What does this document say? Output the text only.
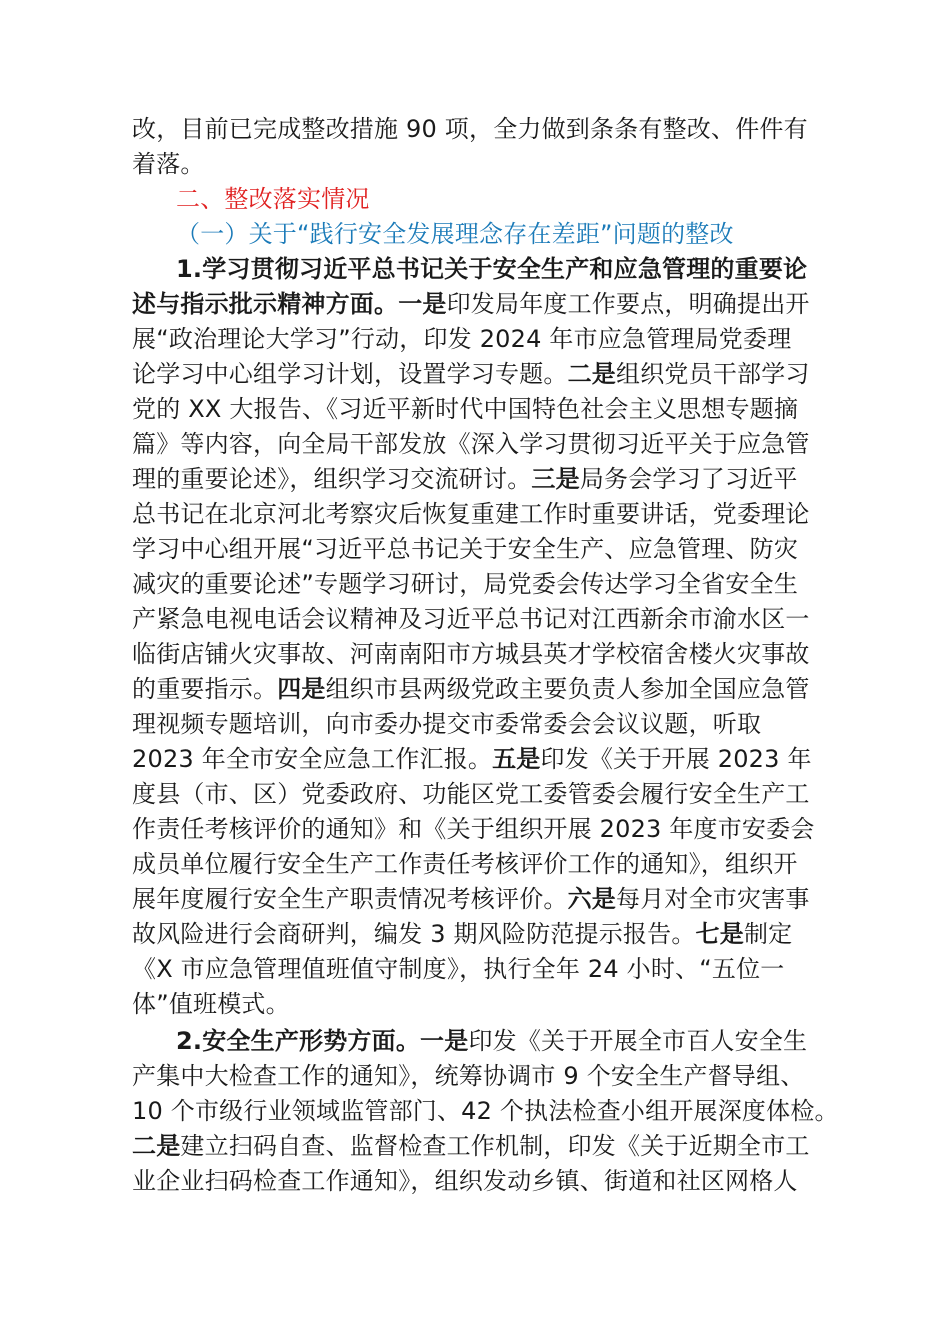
改，目前已完成整改措施 90 项，全力做到条条有整改、件件有
着落。
二、整改落实情况
（一）关于“践行安全发展理念存在差距”问题的整改
1.学习贯彻习近平总书记关于安全生产和应急管理的重要论
述与指示批示精神方面。一是印发局年度工作要点，明确提出开
展“政治理论大学习”行动，印发 2024 年市应急管理局党委理
论学习中心组学习计划，设置学习专题。二是组织党员干部学习
党的 XX 大报告、《习近平新时代中国特色社会主义思想专题摘
篇》等内容，向全局干部发放《深入学习贯彻习近平关于应急管
理的重要论述》，组织学习交流研讨。三是局务会学习了习近平
总书记在北京河北考察灾后恢复重建工作时重要讲话，党委理论
学习中心组开展“习近平总书记关于安全生产、应急管理、防灾
减灾的重要论述”专题学习研讨，局党委会传达学习全省安全生
产紧急电视电话会议精神及习近平总书记对江西新余市渝水区一
临街店铺火灾事故、河南南阳市方城县英才学校宿舍楼火灾事故
的重要指示。四是组织市县两级党政主要负责人参加全国应急管
理视频专题培训，向市委办提交市委常委会会议议题，听取
2023 年全市安全应急工作汇报。五是印发《关于开展 2023 年
度县（市、区）党委政府、功能区党工委管委会履行安全生产工
作责任考核评价的通知》和《关于组织开展 2023 年度市安委会
成员单位履行安全生产工作责任考核评价工作的通知》，组织开
展年度履行安全生产职责情况考核评价。六是每月对全市灾害事
故风险进行会商研判，编发 3 期风险防范提示报告。七是制定
《X 市应急管理值班值守制度》，执行全年 24 小时、“五位一
体”值班模式。
2.安全生产形势方面。一是印发《关于开展全市百人安全生
产集中大检查工作的通知》，统筹协调市 9 个安全生产督导组、
10 个市级行业领域监管部门、42 个执法检查小组开展深度体检。
二是建立扫码自查、监督检查工作机制，印发《关于近期全市工
业企业扫码检查工作通知》，组织发动乡镇、街道和社区网格人
